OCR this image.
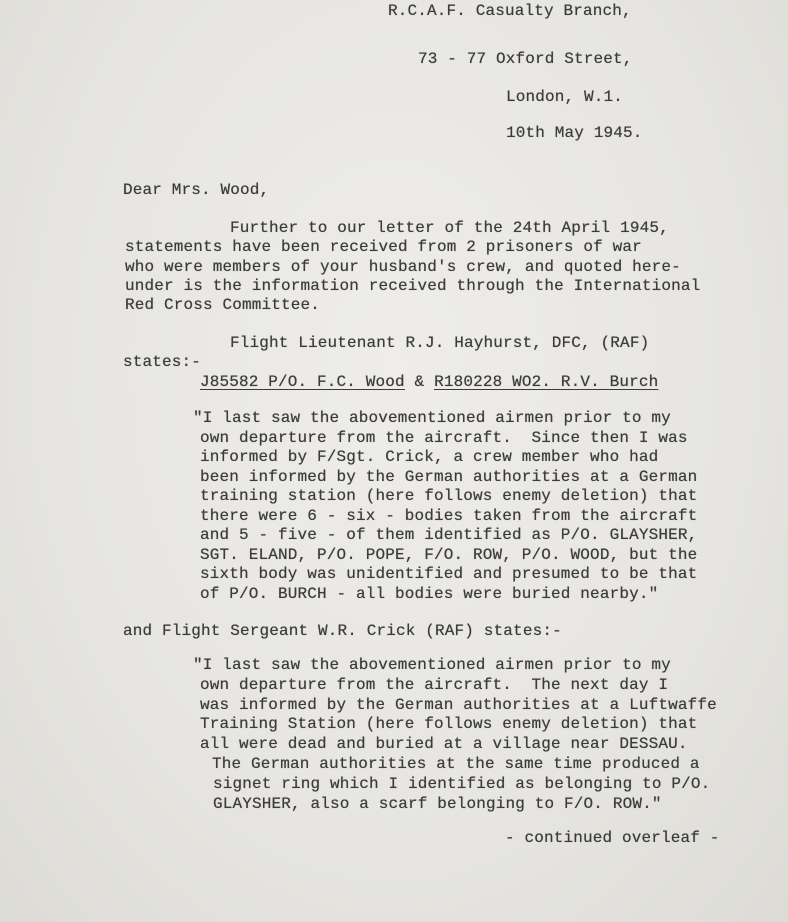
R.C.A.F. Casualty Branch,
73 - 77 Oxford Street,
London, W.1.
10th May 1945.
Dear Mrs. Wood,
Further to our letter of the 24th April 1945,
statements have been received from 2 prisoners of war
who were members of your husband's crew, and quoted here-
under is the information received through the International
Red Cross Committee.
Flight Lieutenant R.J. Hayhurst, DFC, (RAF)
states:-
J85582 P/O. F.C. Wood & R180228 WO2. R.V. Burch
"I last saw the abovementioned airmen prior to my
own departure from the aircraft.  Since then I was
informed by F/Sgt. Crick, a crew member who had
been informed by the German authorities at a German
training station (here follows enemy deletion) that
there were 6 - six - bodies taken from the aircraft
and 5 - five - of them identified as P/O. GLAYSHER,
SGT. ELAND, P/O. POPE, F/O. ROW, P/O. WOOD, but the
sixth body was unidentified and presumed to be that
of P/O. BURCH - all bodies were buried nearby."
and Flight Sergeant W.R. Crick (RAF) states:-
"I last saw the abovementioned airmen prior to my
own departure from the aircraft.  The next day I
was informed by the German authorities at a Luftwaffe
Training Station (here follows enemy deletion) that
all were dead and buried at a village near DESSAU.
The German authorities at the same time produced a
signet ring which I identified as belonging to P/O.
GLAYSHER, also a scarf belonging to F/O. ROW."
- continued overleaf -
